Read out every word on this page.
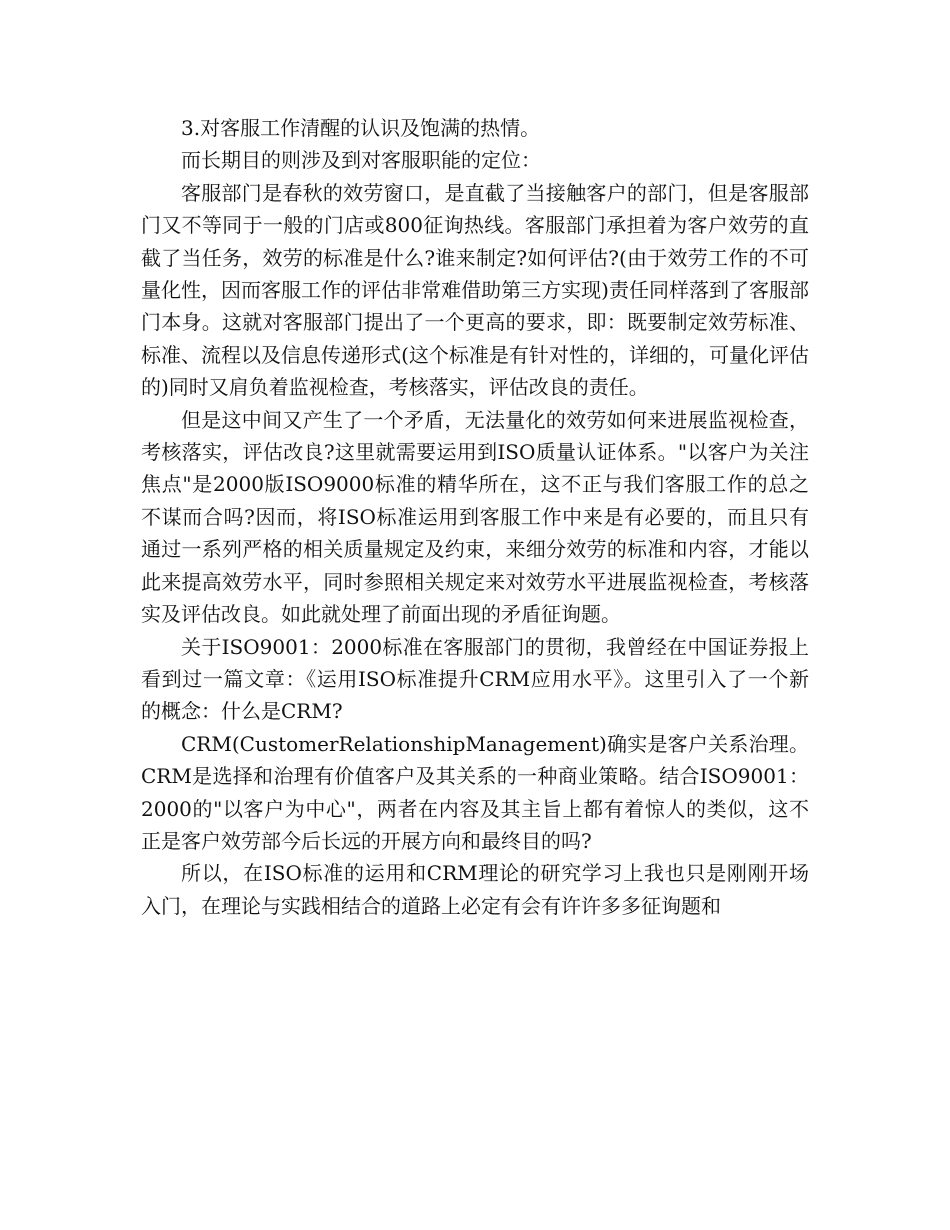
3.对客服工作清醒的认识及饱满的热情。

而长期目的则涉及到对客服职能的定位：

客服部门是春秋的效劳窗口，是直截了当接触客户的部门，但是客服部门又不等同于一般的门店或800征询热线。客服部门承担着为客户效劳的直截了当任务，效劳的标准是什么?谁来制定?如何评估?(由于效劳工作的不可量化性，因而客服工作的评估非常难借助第三方实现)责任同样落到了客服部门本身。这就对客服部门提出了一个更高的要求，即：既要制定效劳标准、标准、流程以及信息传递形式(这个标准是有针对性的，详细的，可量化评估的)同时又肩负着监视检查，考核落实，评估改良的责任。

但是这中间又产生了一个矛盾，无法量化的效劳如何来进展监视检查，考核落实，评估改良?这里就需要运用到ISO质量认证体系。"以客户为关注焦点"是2000版ISO9000标准的精华所在，这不正与我们客服工作的总之不谋而合吗?因而，将ISO标准运用到客服工作中来是有必要的，而且只有通过一系列严格的相关质量规定及约束，来细分效劳的标准和内容，才能以此来提高效劳水平，同时参照相关规定来对效劳水平进展监视检查，考核落实及评估改良。如此就处理了前面出现的矛盾征询题。

关于ISO9001：2000标准在客服部门的贯彻，我曾经在中国证券报上看到过一篇文章：《运用ISO标准提升CRM应用水平》。这里引入了一个新的概念：什么是CRM?

CRM(CustomerRelationshipManagement)确实是客户关系治理。CRM是选择和治理有价值客户及其关系的一种商业策略。结合ISO9001：2000的"以客户为中心"，两者在内容及其主旨上都有着惊人的类似，这不正是客户效劳部今后长远的开展方向和最终目的吗?

所以，在ISO标准的运用和CRM理论的研究学习上我也只是刚刚开场入门，在理论与实践相结合的道路上必定有会有许许多多征询题和
